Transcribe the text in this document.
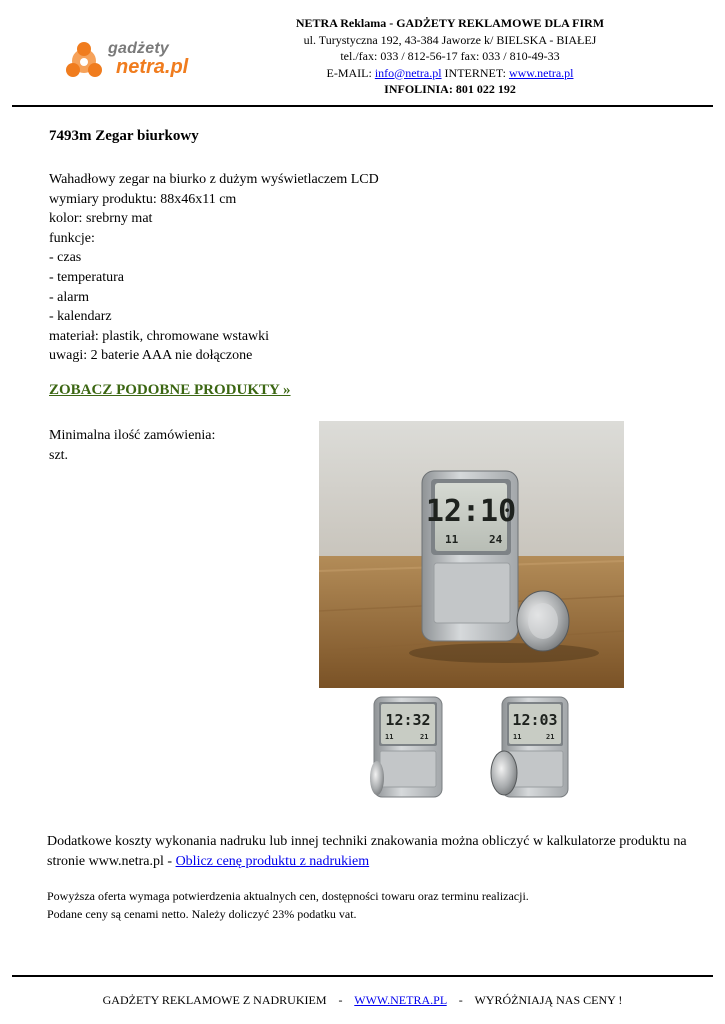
gadżety
netra.pl
NETRA Reklama - GADŻETY REKLAMOWE DLA FIRM
ul. Turystyczna 192, 43-384 Jaworze k/ BIELSKA - BIAŁEJ
tel./fax: 033 / 812-56-17 fax: 033 / 810-49-33
E-MAIL: info@netra.pl INTERNET: www.netra.pl
INFOLINIA: 801 022 192
7493m Zegar biurkowy
Wahadłowy zegar na biurko z dużym wyświetlaczem LCD
wymiary produktu: 88x46x11 cm
kolor: srebrny mat
funkcje:
- czas
- temperatura
- alarm
- kalendarz
materiał: plastik, chromowane wstawki
uwagi: 2 baterie AAA nie dołączone
ZOBACZ PODOBNE PRODUKTY »
Minimalna ilość zamówienia:
szt.
12:10
11	24
12:32
11	21
12:03
11	21
Dodatkowe koszty wykonania nadruku lub innej techniki znakowania można obliczyć w kalkulatorze produktu na stronie www.netra.pl - Oblicz cenę produktu z nadrukiem
Powyższa oferta wymaga potwierdzenia aktualnych cen, dostępności towaru oraz terminu realizacji.
Podane ceny są cenami netto. Należy doliczyć 23% podatku vat.
GADŻETY REKLAMOWE Z NADRUKIEM    -    WWW.NETRA.PL    -    WYRÓŻNIAJĄ NAS CENY !
